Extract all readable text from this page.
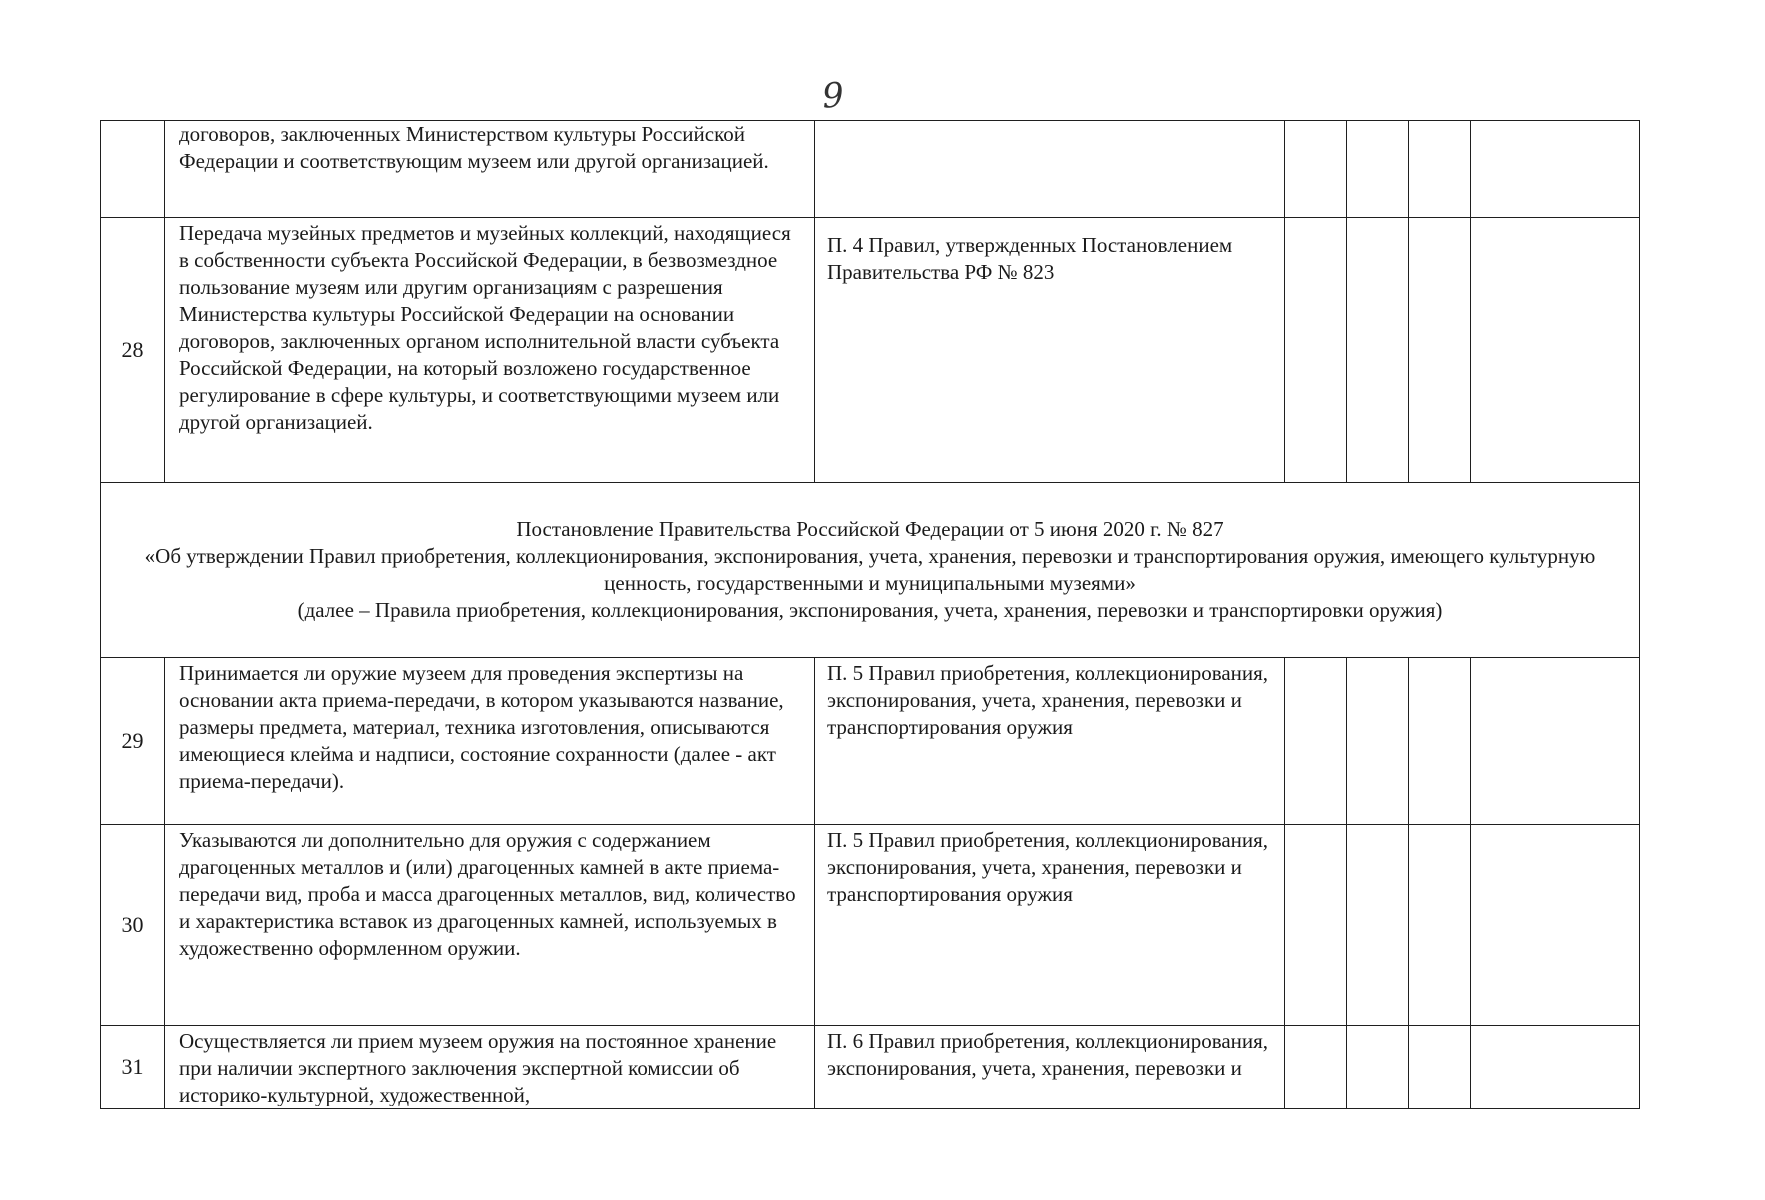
9
	договоров, заключенных Министерством культуры Российской Федерации и соответствующим музеем или другой организацией.					
28	Передача музейных предметов и музейных коллекций, находящиеся в собственности субъекта Российской Федерации, в безвозмездное пользование музеям или другим организациям с разрешения Министерства культуры Российской Федерации на основании договоров, заключенных органом исполнительной власти субъекта Российской Федерации, на который возложено государственное регулирование в сфере культуры, и соответствующими музеем или другой организацией.	П. 4 Правил, утвержденных Постановлением Правительства РФ № 823				

Постановление Правительства Российской Федерации от 5 июня 2020 г. № 827
«Об утверждении Правил приобретения, коллекционирования, экспонирования, учета, хранения, перевозки и транспортирования оружия, имеющего культурную ценность, государственными и муниципальными музеями»
(далее – Правила приобретения, коллекционирования, экспонирования, учета, хранения, перевозки и транспортировки оружия)						

29	Принимается ли оружие музеем для проведения экспертизы на основании акта приема-передачи, в котором указываются название, размеры предмета, материал, техника изготовления, описываются имеющиеся клейма и надписи, состояние сохранности (далее - акт приема-передачи).	П. 5 Правил приобретения, коллекционирования, экспонирования, учета, хранения, перевозки и транспортирования оружия				
30	Указываются ли дополнительно для оружия с содержанием драгоценных металлов и (или) драгоценных камней в акте приема-передачи вид, проба и масса драгоценных металлов, вид, количество и характеристика вставок из драгоценных камней, используемых в художественно оформленном оружии.	П. 5 Правил приобретения, коллекционирования, экспонирования, учета, хранения, перевозки и транспортирования оружия				
31	Осуществляется ли прием музеем оружия на постоянное хранение при наличии экспертного заключения экспертной комиссии об историко-культурной, художественной,	П. 6 Правил приобретения, коллекционирования, экспонирования, учета, хранения, перевозки и				
